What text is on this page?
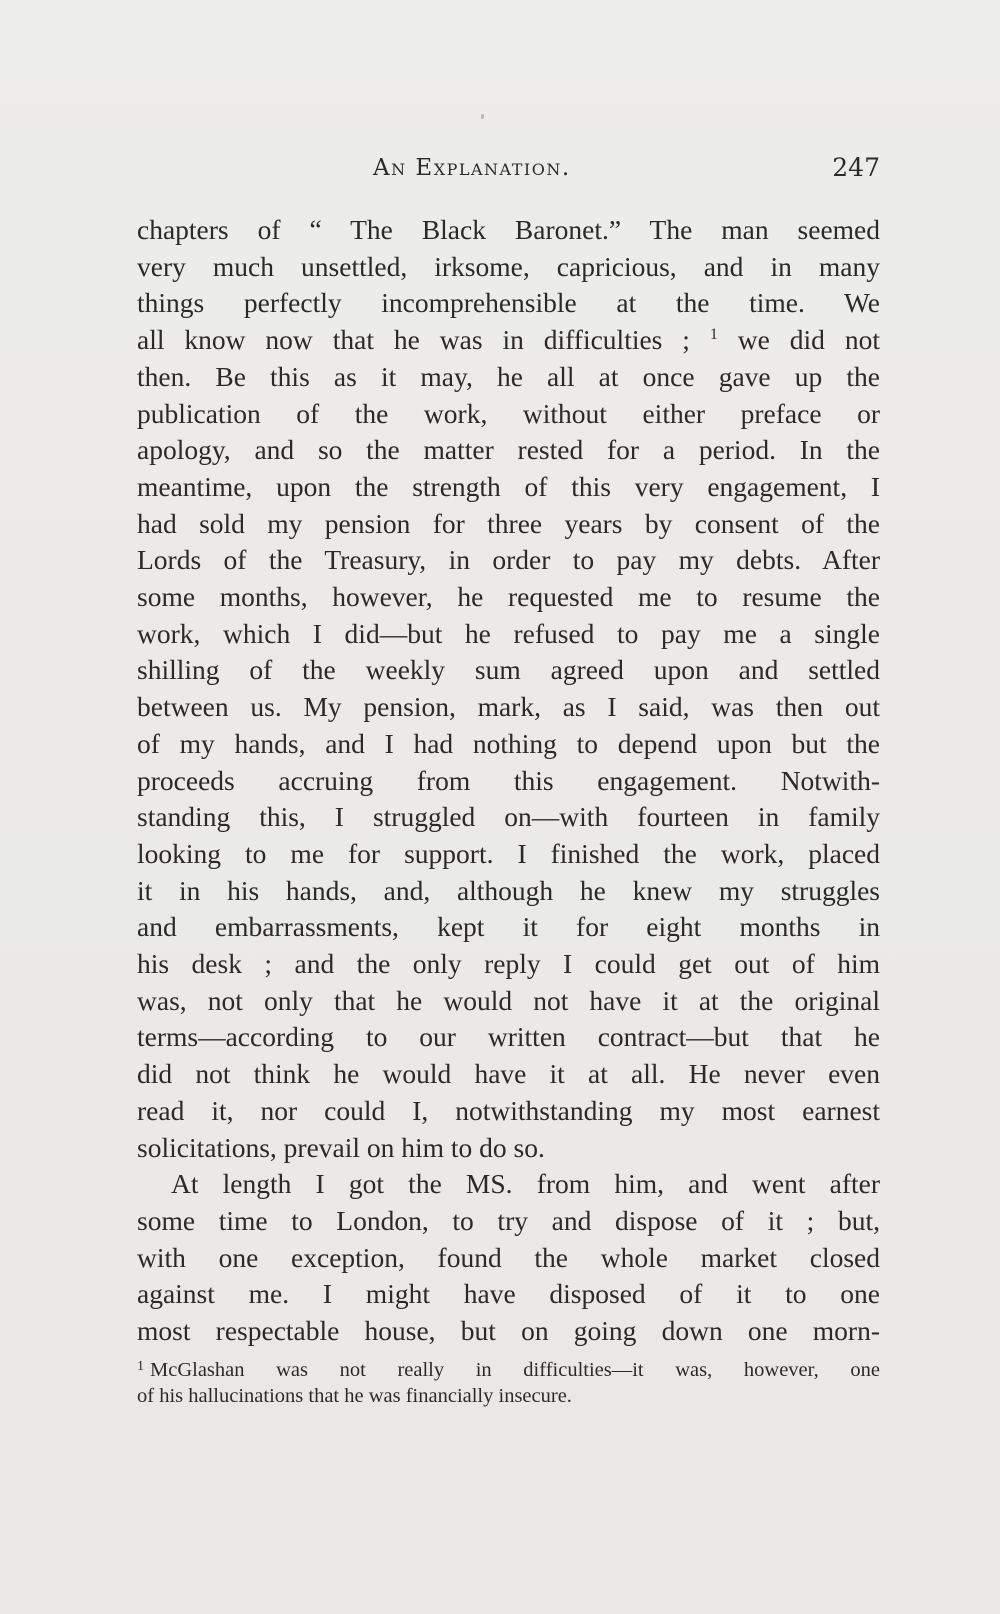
An Explanation.	247

chapters of “ The Black Baronet.” The man seemed
very much unsettled, irksome, capricious, and in many
things perfectly incomprehensible at the time. We
all know now that he was in difficulties ; $^1$ we did not
then. Be this as it may, he all at once gave up the
publication of the work, without either preface or
apology, and so the matter rested for a period. In the
meantime, upon the strength of this very engagement, I
had sold my pension for three years by consent of the
Lords of the Treasury, in order to pay my debts. After
some months, however, he requested me to resume the
work, which I did—but he refused to pay me a single
shilling of the weekly sum agreed upon and settled
between us. My pension, mark, as I said, was then out
of my hands, and I had nothing to depend upon but the
proceeds accruing from this engagement. Notwith-
standing this, I struggled on—with fourteen in family
looking to me for support. I finished the work, placed
it in his hands, and, although he knew my struggles
and embarrassments, kept it for eight months in
his desk ; and the only reply I could get out of him
was, not only that he would not have it at the original
terms—according to our written contract—but that he
did not think he would have it at all. He never even
read it, nor could I, notwithstanding my most earnest
solicitations, prevail on him to do so.

At length I got the MS. from him, and went after
some time to London, to try and dispose of it ; but,
with one exception, found the whole market closed
against me. I might have disposed of it to one
most respectable house, but on going down one morn-

$^1$ McGlashan was not really in difficulties—it was, however, one
of his hallucinations that he was financially insecure.
